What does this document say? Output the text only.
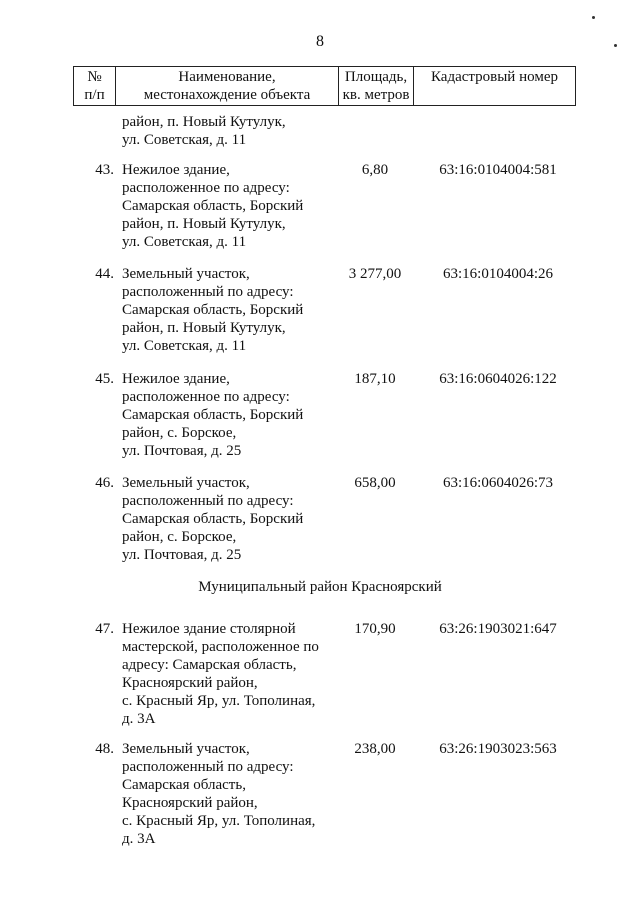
8
№
п/п

Наименование,
местонахождение объекта

Площадь,
кв. метров

Кадастровый номер
район, п. Новый Кутулук,
ул. Советская, д. 11
43. Нежилое здание,
расположенное по адресу:
Самарская область, Борский
район, п. Новый Кутулук,
ул. Советская, д. 11
6,80	63:16:0104004:581
44. Земельный участок,
расположенный по адресу:
Самарская область, Борский
район, п. Новый Кутулук,
ул. Советская, д. 11
3 277,00	63:16:0104004:26
45. Нежилое здание,
расположенное по адресу:
Самарская область, Борский
район, с. Борское,
ул. Почтовая, д. 25
187,10	63:16:0604026:122
46. Земельный участок,
расположенный по адресу:
Самарская область, Борский
район, с. Борское,
ул. Почтовая, д. 25
658,00	63:16:0604026:73
Муниципальный район Красноярский
47. Нежилое здание столярной
мастерской, расположенное по
адресу: Самарская область,
Красноярский район,
с. Красный Яр, ул. Тополиная,
д. 3А
170,90	63:26:1903021:647
48. Земельный участок,
расположенный по адресу:
Самарская область,
Красноярский район,
с. Красный Яр, ул. Тополиная,
д. 3А
238,00	63:26:1903023:563
